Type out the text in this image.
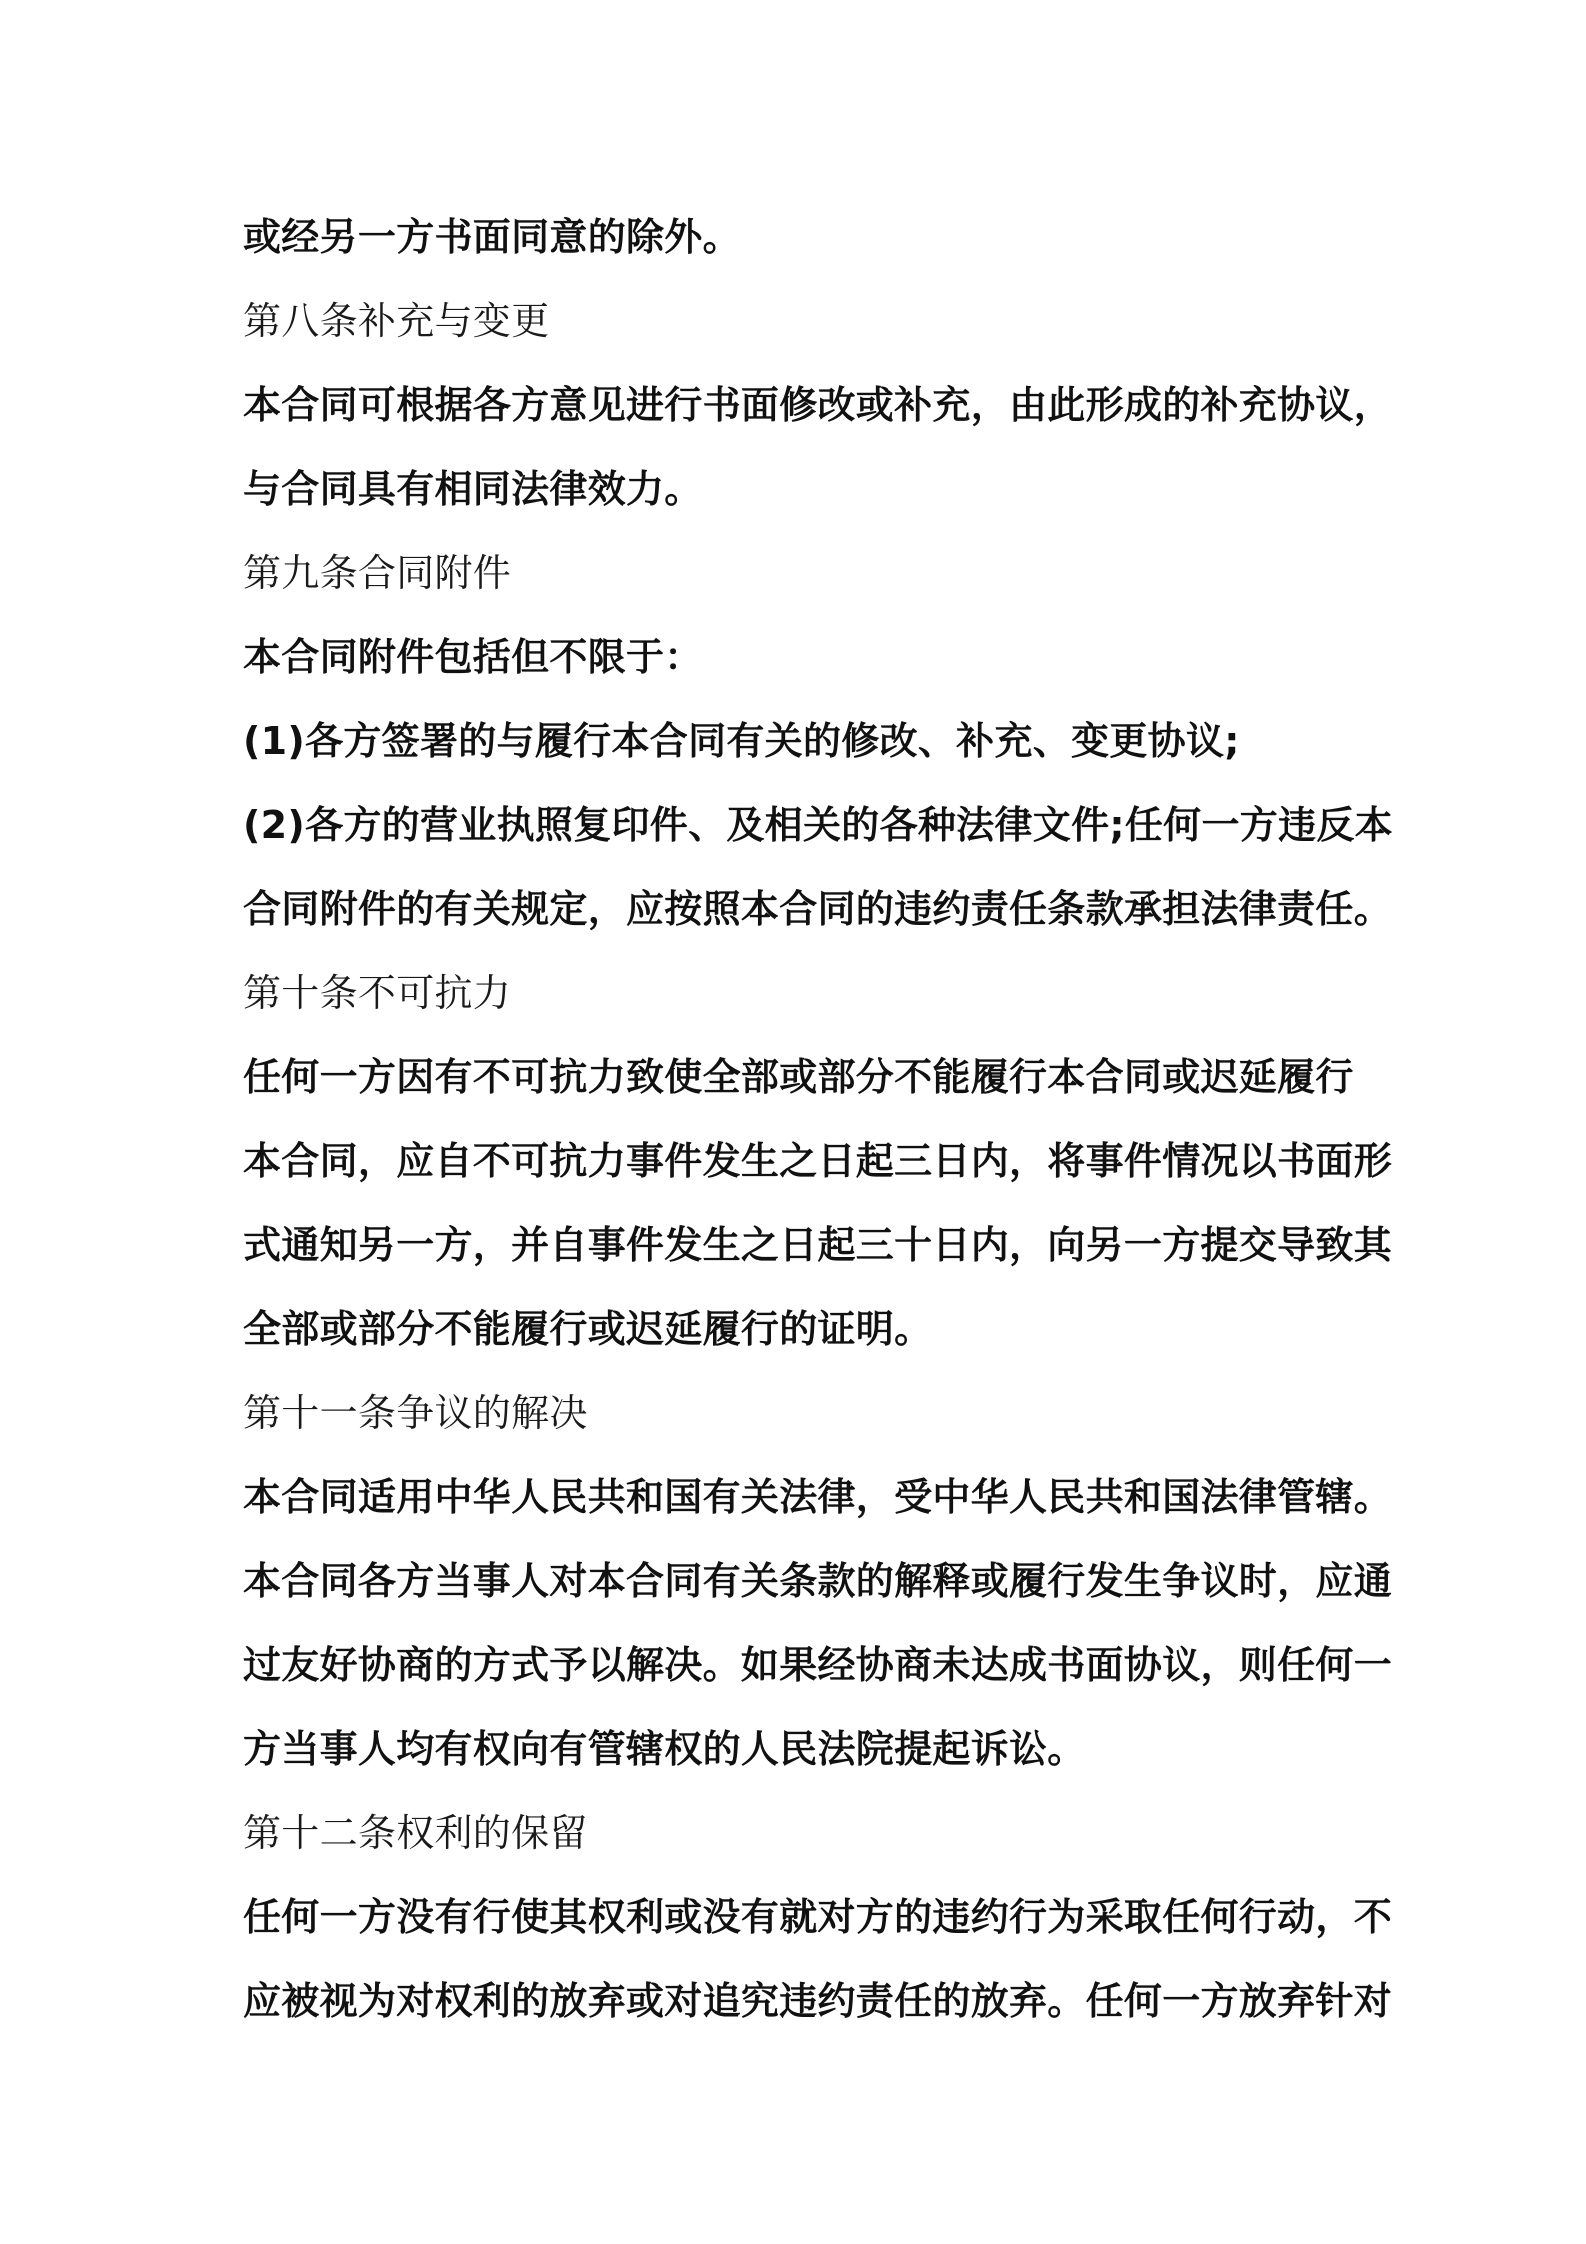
或经另一方书面同意的除外。
第八条补充与变更
本合同可根据各方意见进行书面修改或补充，由此形成的补充协议，
与合同具有相同法律效力。
第九条合同附件
本合同附件包括但不限于：
(1)各方签署的与履行本合同有关的修改、补充、变更协议;
(2)各方的营业执照复印件、及相关的各种法律文件;任何一方违反本
合同附件的有关规定，应按照本合同的违约责任条款承担法律责任。
第十条不可抗力
任何一方因有不可抗力致使全部或部分不能履行本合同或迟延履行
本合同，应自不可抗力事件发生之日起三日内，将事件情况以书面形
式通知另一方，并自事件发生之日起三十日内，向另一方提交导致其
全部或部分不能履行或迟延履行的证明。
第十一条争议的解决
本合同适用中华人民共和国有关法律，受中华人民共和国法律管辖。
本合同各方当事人对本合同有关条款的解释或履行发生争议时，应通
过友好协商的方式予以解决。如果经协商未达成书面协议，则任何一
方当事人均有权向有管辖权的人民法院提起诉讼。
第十二条权利的保留
任何一方没有行使其权利或没有就对方的违约行为采取任何行动，不
应被视为对权利的放弃或对追究违约责任的放弃。任何一方放弃针对
